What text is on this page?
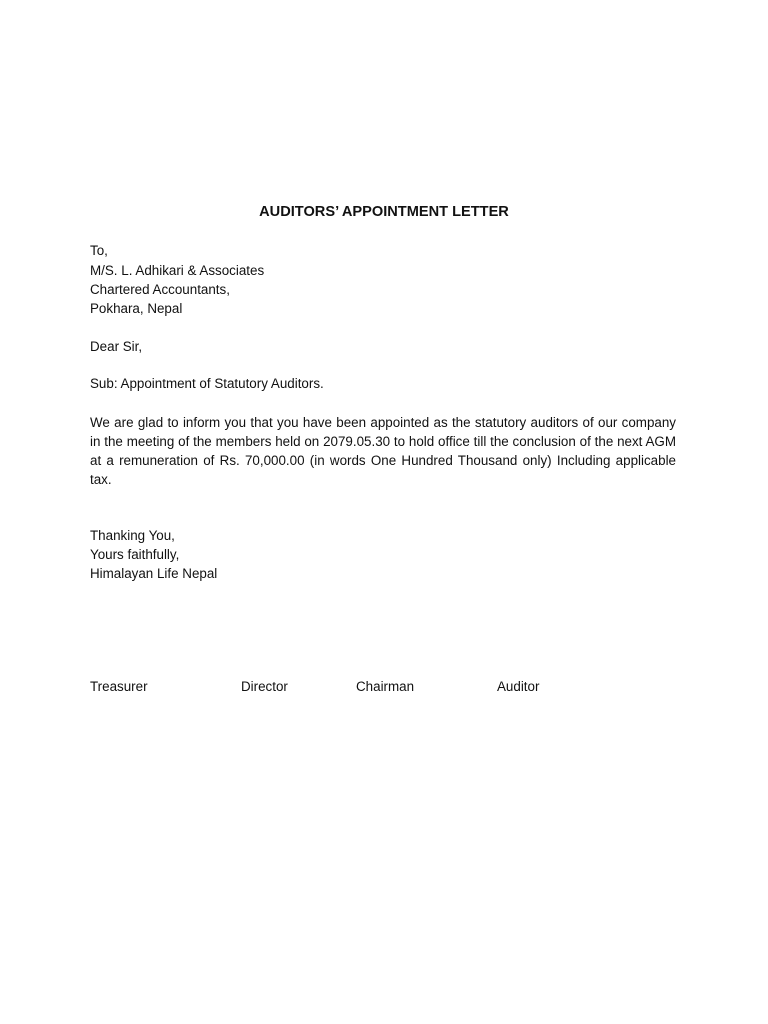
AUDITORS’ APPOINTMENT LETTER
To,
M/S. L. Adhikari & Associates
Chartered Accountants,
Pokhara, Nepal
Dear Sir,
Sub: Appointment of Statutory Auditors.
We are glad to inform you that you have been appointed as the statutory auditors of our company in the meeting of the members held on 2079.05.30 to hold office till the conclusion of the next AGM at a remuneration of Rs. 70,000.00 (in words One Hundred Thousand only) Including applicable tax.
Thanking You,
Yours faithfully,
Himalayan Life Nepal
Treasurer	Director	Chairman	Auditor
